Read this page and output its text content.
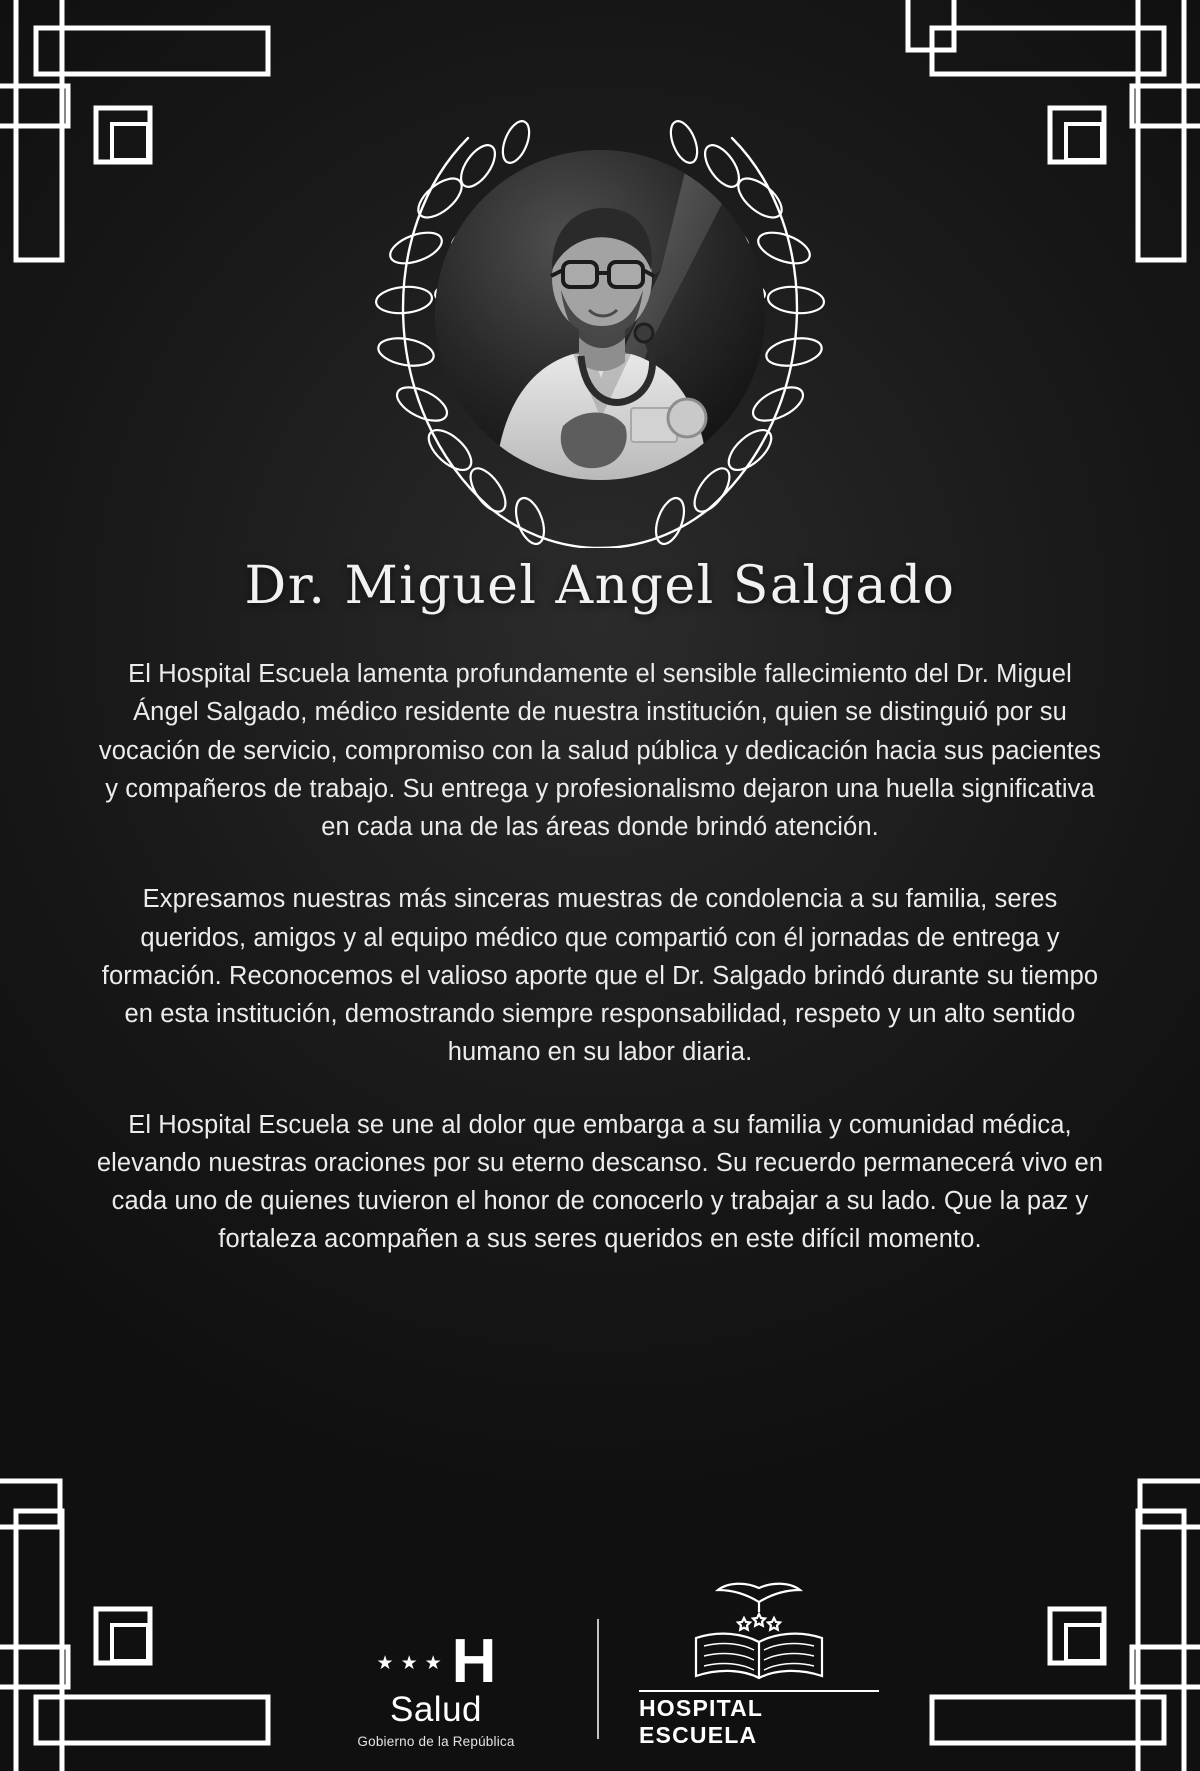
Dr. Miguel Angel Salgado

El Hospital Escuela lamenta profundamente el sensible fallecimiento del Dr. Miguel Ángel Salgado, médico residente de nuestra institución, quien se distinguió por su vocación de servicio, compromiso con la salud pública y dedicación hacia sus pacientes y compañeros de trabajo. Su entrega y profesionalismo dejaron una huella significativa en cada una de las áreas donde brindó atención.

Expresamos nuestras más sinceras muestras de condolencia a su familia, seres queridos, amigos y al equipo médico que compartió con él jornadas de entrega y formación. Reconocemos el valioso aporte que el Dr. Salgado brindó durante su tiempo en esta institución, demostrando siempre responsabilidad, respeto y un alto sentido humano en su labor diaria.

El Hospital Escuela se une al dolor que embarga a su familia y comunidad médica, elevando nuestras oraciones por su eterno descanso. Su recuerdo permanecerá vivo en cada uno de quienes tuvieron el honor de conocerlo y trabajar a su lado. Que la paz y fortaleza acompañen a sus seres queridos en este difícil momento.

★ ★ ★ H
Salud
Gobierno de la República
HOSPITAL ESCUELA
